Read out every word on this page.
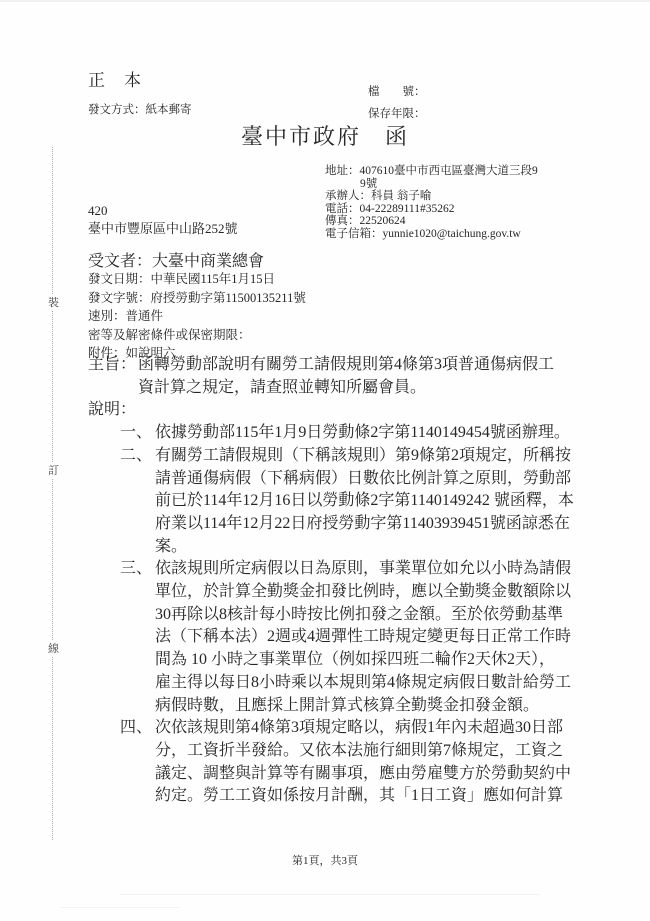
裝
訂
線
正　本
檔　　號：
保存年限：
發文方式：紙本郵寄
臺中市政府　函
地址：407610臺中市西屯區臺灣大道三段9
9號
承辦人：科員 翁子喻
電話：04-22289111#35262
傳真：22520624
電子信箱：yunnie1020@taichung.gov.tw
420
臺中市豐原區中山路252號
受文者：大臺中商業總會
發文日期：中華民國115年1月15日
發文字號：府授勞動字第11500135211號
速別：普通件
密等及解密條件或保密期限：
附件：如說明六
主旨： 函轉勞動部說明有關勞工請假規則第4條第3項普通傷病假工
資計算之規定，請查照並轉知所屬會員。
說明：
一、 依據勞動部115年1月9日勞動條2字第1140149454號函辦理。
二、 有關勞工請假規則（下稱該規則）第9條第2項規定，所稱按
請普通傷病假（下稱病假）日數依比例計算之原則，勞動部
前已於114年12月16日以勞動條2字第1140149242 號函釋，本
府業以114年12月22日府授勞動字第11403939451號函諒悉在
案。
三、 依該規則所定病假以日為原則，事業單位如允以小時為請假
單位，於計算全勤獎金扣發比例時，應以全勤獎金數額除以
30再除以8核計每小時按比例扣發之金額。至於依勞動基準
法（下稱本法）2週或4週彈性工時規定變更每日正常工作時
間為 10 小時之事業單位（例如採四班二輪作2天休2天），
雇主得以每日8小時乘以本規則第4條規定病假日數計給勞工
病假時數，且應採上開計算式核算全勤獎金扣發金額。
四、 次依該規則第4條第3項規定略以，病假1年內未超過30日部
分，工資折半發給。又依本法施行細則第7條規定，工資之
議定、調整與計算等有關事項，應由勞雇雙方於勞動契約中
約定。勞工工資如係按月計酬，其「1日工資」應如何計算
第1頁，共3頁
